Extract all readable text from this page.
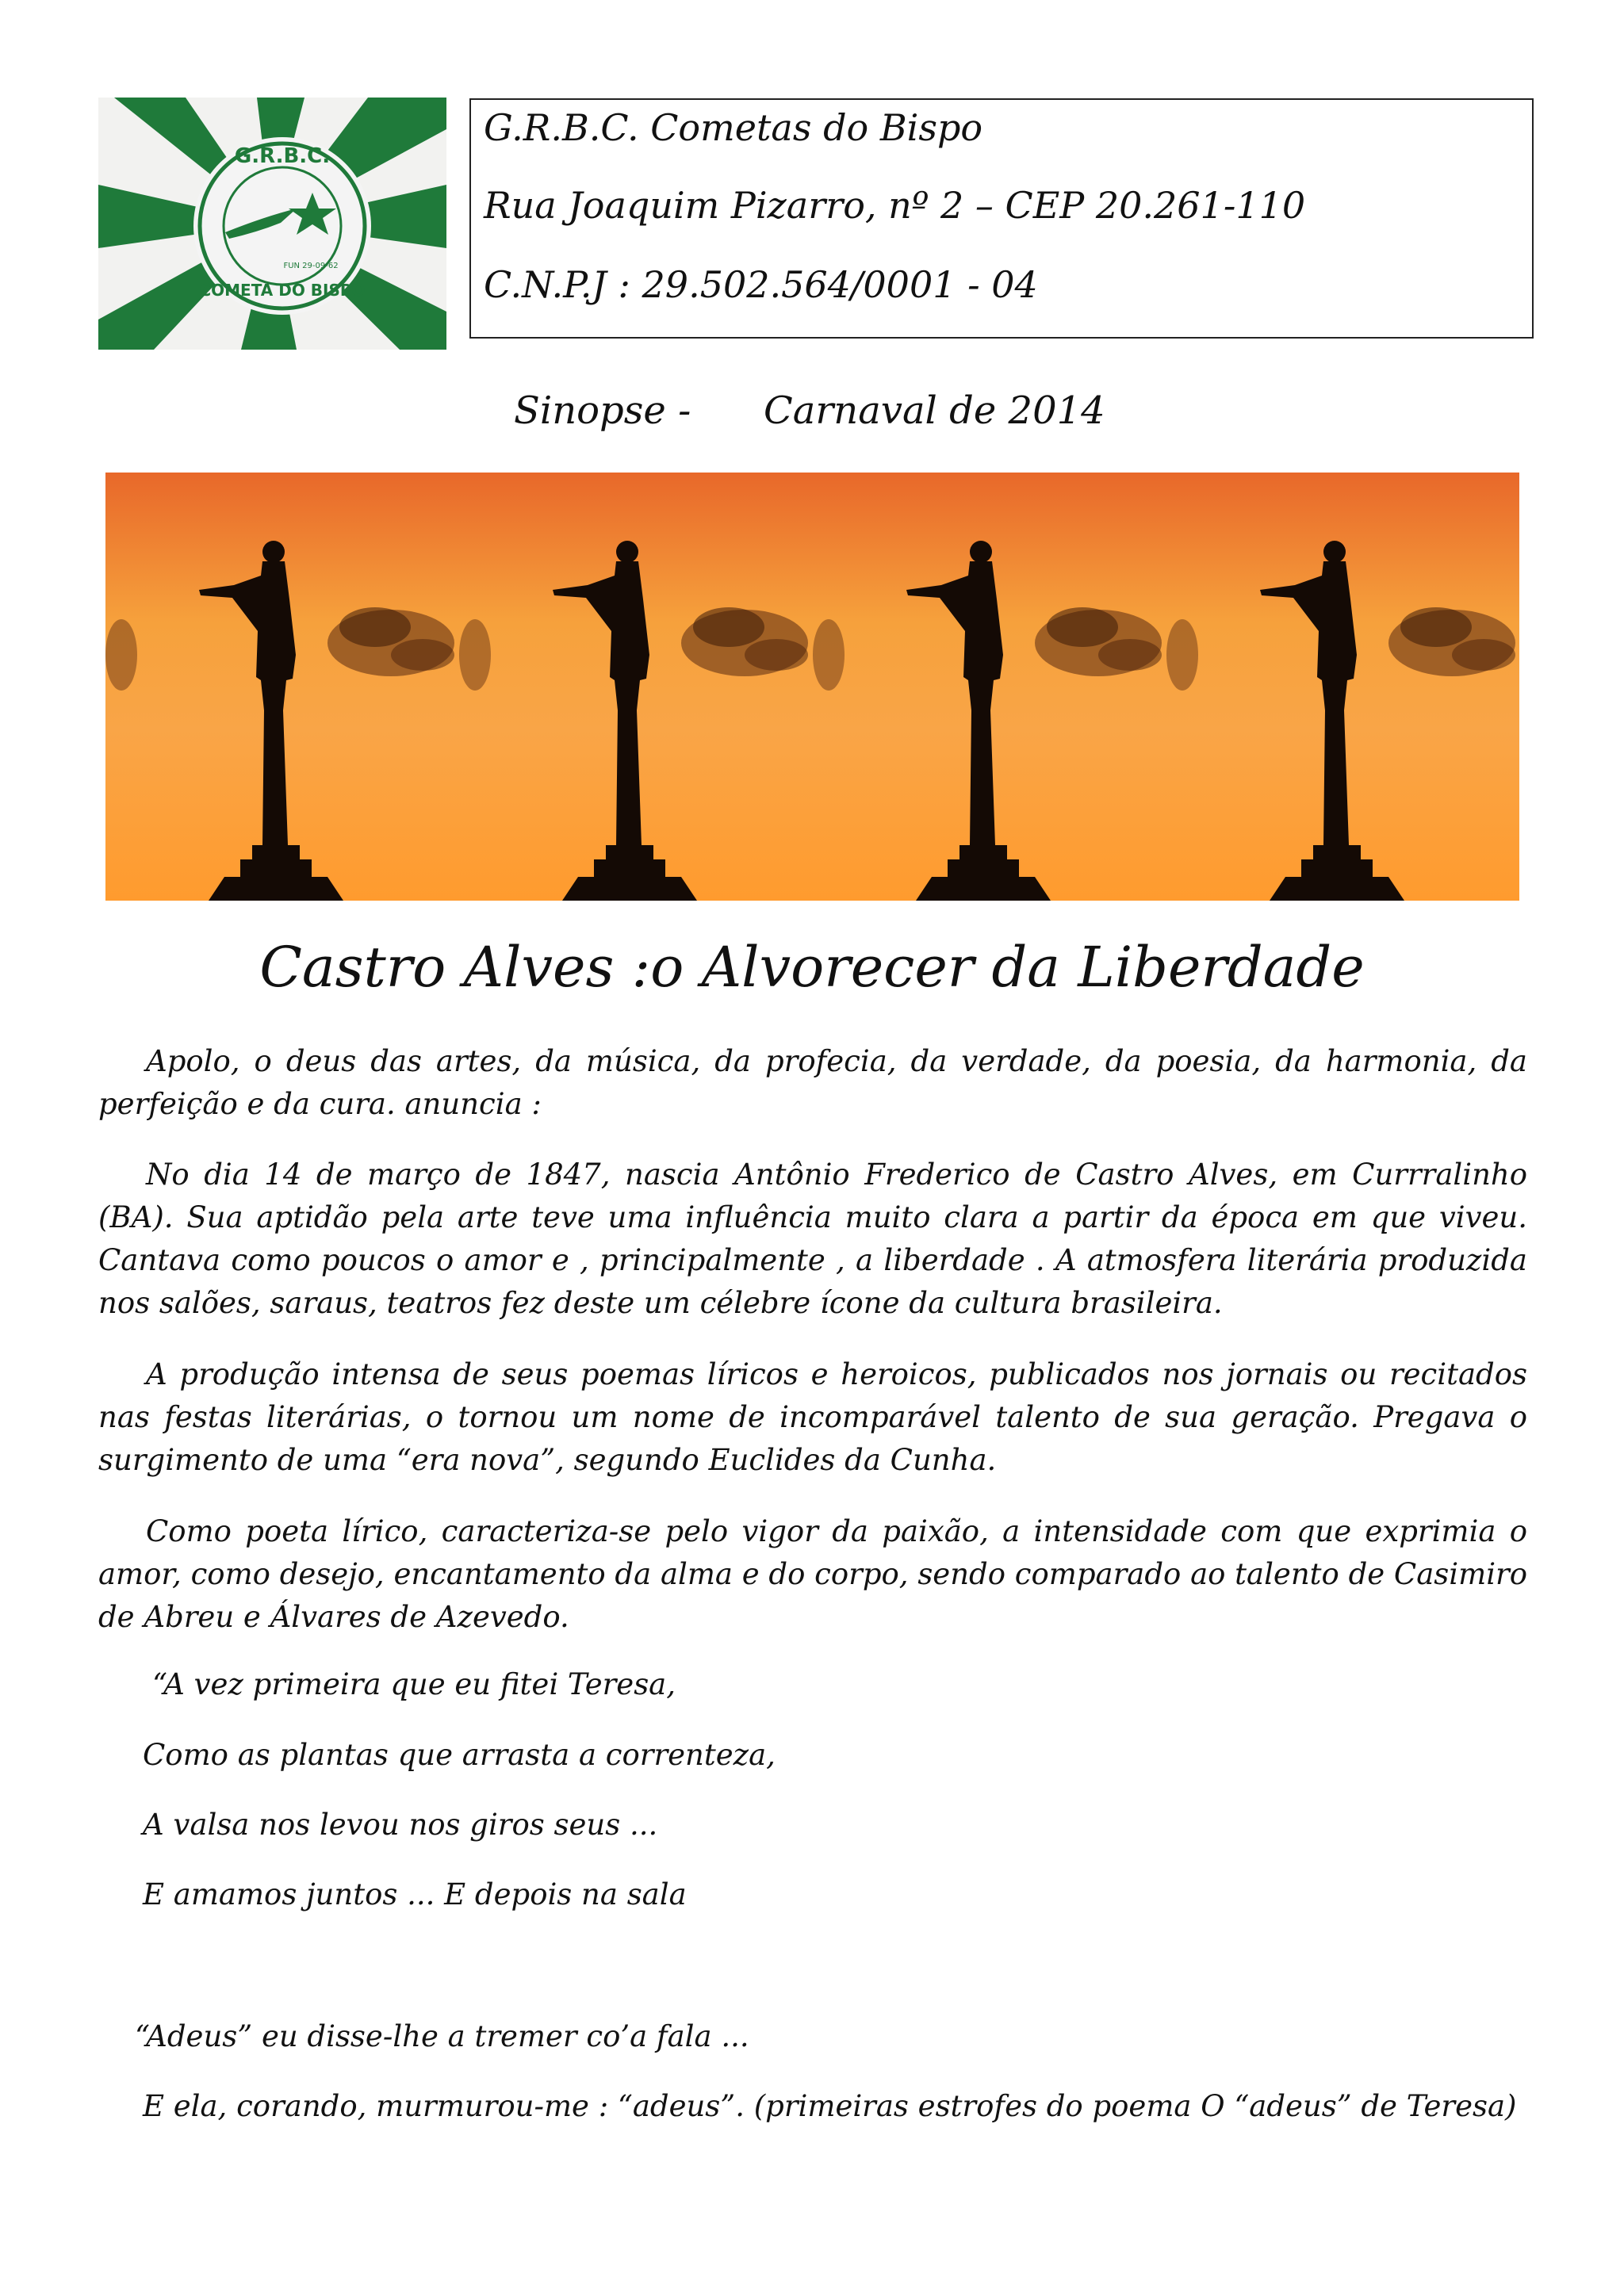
G.R.B.C.
COMETA DO BISPO
FUN 29-09-62
G.R.B.C. Cometas do Bispo
Rua Joaquim Pizarro, nº 2 – CEP 20.261-110
C.N.P.J : 29.502.564/0001 - 04
Sinopse - Carnaval de 2014
Castro Alves :o Alvorecer da Liberdade

Apolo, o deus das artes, da música, da profecia, da verdade, da poesia, da harmonia, da perfeição e da cura. anuncia :

No dia 14 de março de 1847, nascia Antônio Frederico de Castro Alves, em Currralinho (BA). Sua aptidão pela arte teve uma influência muito clara a partir da época em que viveu. Cantava como poucos o amor e , principalmente , a liberdade . A atmosfera literária produzida nos salões, saraus, teatros fez deste um célebre ícone da cultura brasileira.

A produção intensa de seus poemas líricos e heroicos, publicados nos jornais ou recitados nas festas literárias, o tornou um nome de incomparável talento de sua geração. Pregava o surgimento de uma “era nova”, segundo Euclides da Cunha.

Como poeta lírico, caracteriza-se pelo vigor da paixão, a intensidade com que exprimia o amor, como desejo, encantamento da alma e do corpo, sendo comparado ao talento de Casimiro de Abreu e Álvares de Azevedo.

“A vez primeira que eu fitei Teresa,

Como as plantas que arrasta a correnteza,

A valsa nos levou nos giros seus ...

E amamos juntos ... E depois na sala

“Adeus” eu disse-lhe a tremer co’a fala ...

E ela, corando, murmurou-me : “adeus”. (primeiras estrofes do poema O “adeus” de Teresa)
